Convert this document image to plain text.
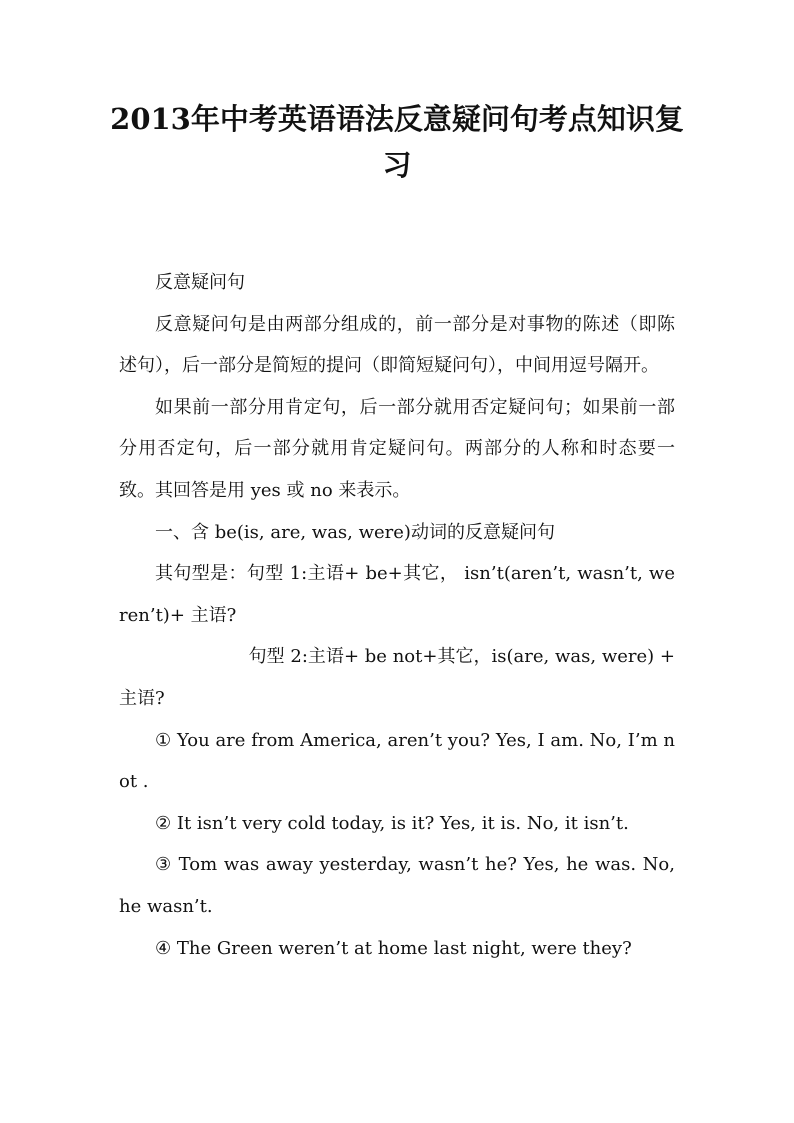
2013年中考英语语法反意疑问句考点知识复习

反意疑问句

反意疑问句是由两部分组成的，前一部分是对事物的陈述（即陈述句），后一部分是简短的提问（即简短疑问句），中间用逗号隔开。

如果前一部分用肯定句，后一部分就用否定疑问句；如果前一部分用否定句，后一部分就用肯定疑问句。两部分的人称和时态要一致。其回答是用 yes 或 no 来表示。

一、含 be(is, are, was, were)动词的反意疑问句

其句型是：句型 1:主语+ be+其它， isn’t(aren’t, wasn’t, weren’t)+ 主语?

句型 2:主语+ be not+其它，is(are, was, were) + 主语?

① You are from America, aren’t you? Yes, I am. No, I’m not .

② It isn’t very cold today, is it? Yes, it is. No, it isn’t.

③ Tom was away yesterday, wasn’t he? Yes, he was. No, he wasn’t.

④ The Green weren’t at home last night, were they?
